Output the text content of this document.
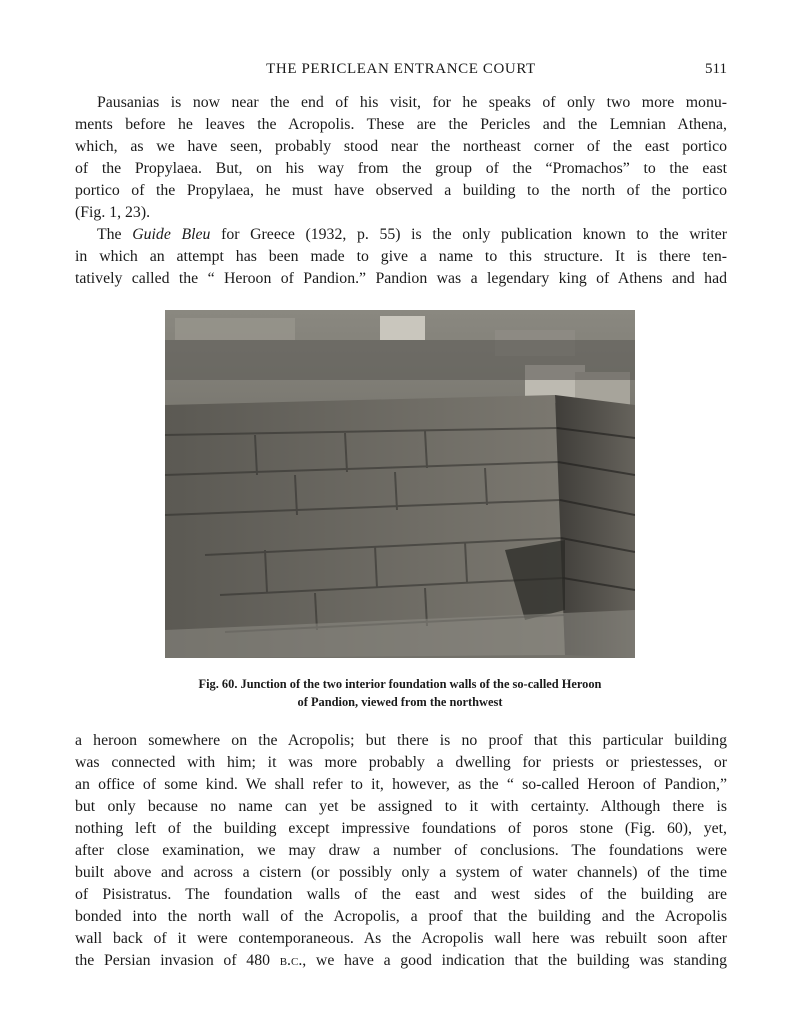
THE PERICLEAN ENTRANCE COURT	511
Pausanias is now near the end of his visit, for he speaks of only two more monu-
ments before he leaves the Acropolis. These are the Pericles and the Lemnian Athena,
which, as we have seen, probably stood near the northeast corner of the east portico
of the Propylaea. But, on his way from the group of the “Promachos” to the east
portico of the Propylaea, he must have observed a building to the north of the portico
(Fig. 1, 23).
The Guide Bleu for Greece (1932, p. 55) is the only publication known to the writer
in which an attempt has been made to give a name to this structure. It is there ten-
tatively called the “ Heroon of Pandion.” Pandion was a legendary king of Athens and had
Fig. 60. Junction of the two interior foundation walls of the so-called Heroon
of Pandion, viewed from the northwest
a heroon somewhere on the Acropolis; but there is no proof that this particular building
was connected with him; it was more probably a dwelling for priests or priestesses, or
an office of some kind. We shall refer to it, however, as the “ so-called Heroon of Pandion,”
but only because no name can yet be assigned to it with certainty. Although there is
nothing left of the building except impressive foundations of poros stone (Fig. 60), yet,
after close examination, we may draw a number of conclusions. The foundations were
built above and across a cistern (or possibly only a system of water channels) of the time
of Pisistratus. The foundation walls of the east and west sides of the building are
bonded into the north wall of the Acropolis, a proof that the building and the Acropolis
wall back of it were contemporaneous. As the Acropolis wall here was rebuilt soon after
the Persian invasion of 480 b.c., we have a good indication that the building was standing
